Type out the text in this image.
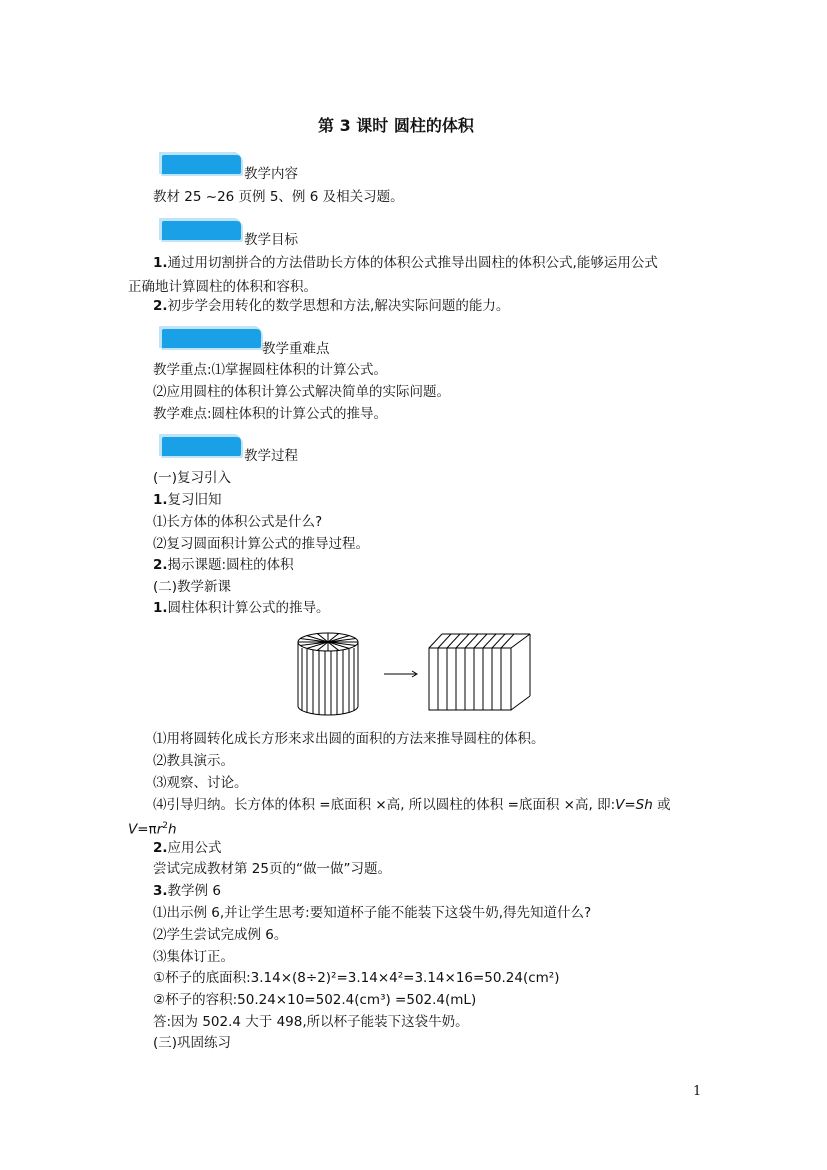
第 3 课时 圆柱的体积
教学内容
教材 25 ~26 页例 5、例 6 及相关习题。
教学目标
1.通过用切割拼合的方法借助长方体的体积公式推导出圆柱的体积公式,能够运用公式
正确地计算圆柱的体积和容积。
2.初步学会用转化的数学思想和方法,解决实际问题的能力。
教学重难点
教学重点:⑴掌握圆柱体积的计算公式。
⑵应用圆柱的体积计算公式解决简单的实际问题。
教学难点:圆柱体积的计算公式的推导。
教学过程
(一)复习引入
1.复习旧知
⑴长方体的体积公式是什么?
⑵复习圆面积计算公式的推导过程。
2.揭示课题:圆柱的体积
(二)教学新课
1.圆柱体积计算公式的推导。
⑴用将圆转化成长方形来求出圆的面积的方法来推导圆柱的体积。
⑵教具演示。
⑶观察、讨论。
⑷引导归纳。长方体的体积 =底面积 ×高, 所以圆柱的体积 =底面积 ×高, 即:V=Sh 或
$V=\pi r^2h$
2.应用公式
尝试完成教材第 25页的“做一做”习题。
3.教学例 6
⑴出示例 6,并让学生思考:要知道杯子能不能装下这袋牛奶,得先知道什么?
⑵学生尝试完成例 6。
⑶集体订正。
①杯子的底面积:3.14×(8÷2)²=3.14×4²=3.14×16=50.24(cm²)
②杯子的容积:50.24×10=502.4(cm³) =502.4(mL)
答:因为 502.4 大于 498,所以杯子能装下这袋牛奶。
(三)巩固练习
1
